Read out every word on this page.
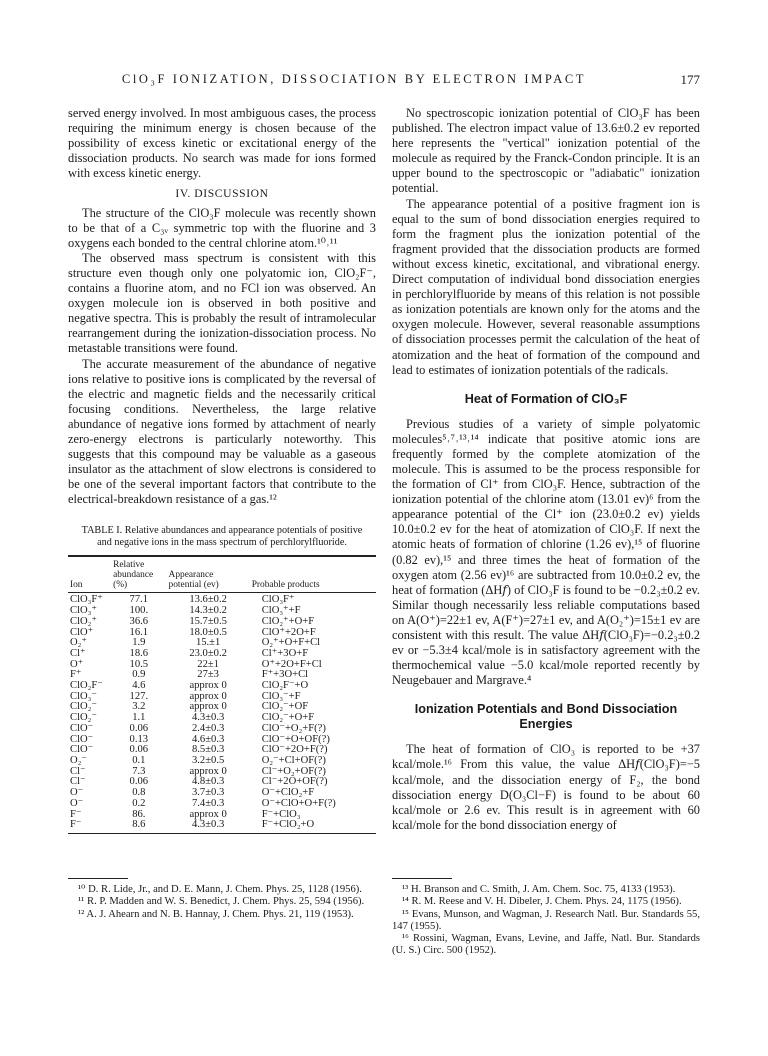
ClO₃F IONIZATION, DISSOCIATION BY ELECTRON IMPACT	177

served energy involved. In most ambiguous cases, the process requiring the minimum energy is chosen because of the possibility of excess kinetic or excitational energy of the dissociation products. No search was made for ions formed with excess kinetic energy.

IV. DISCUSSION

The structure of the ClO₃F molecule was recently shown to be that of a C₃ᵥ symmetric top with the fluorine and 3 oxygens each bonded to the central chlorine atom.¹⁰˒¹¹

The observed mass spectrum is consistent with this structure even though only one polyatomic ion, ClO₂F⁻, contains a fluorine atom, and no FCl ion was observed. An oxygen molecule ion is observed in both positive and negative spectra. This is probably the result of intramolecular rearrangement during the ionization-dissociation process. No metastable transitions were found.

The accurate measurement of the abundance of negative ions relative to positive ions is complicated by the reversal of the electric and magnetic fields and the necessarily critical focusing conditions. Nevertheless, the large relative abundance of negative ions formed by attachment of nearly zero-energy electrons is particularly noteworthy. This suggests that this compound may be valuable as a gaseous insulator as the attachment of slow electrons is considered to be one of the several important factors that contribute to the electrical-breakdown resistance of a gas.¹²

TABLE I. Relative abundances and appearance potentials of positive and negative ions in the mass spectrum of perchlorylfluoride.
Ion	Relative abundance (%)	Appearance potential (ev)	Probable products
ClO₃F⁺	77.1	13.6±0.2	ClO₃F⁺
ClO₃⁺	100.	14.3±0.2	ClO₃⁺+F
ClO₂⁺	36.6	15.7±0.5	ClO₂⁺+O+F
ClO⁺	16.1	18.0±0.5	ClO⁺+2O+F
O₂⁺	1.9	15.±1	O₂⁺+O+F+Cl
Cl⁺	18.6	23.0±0.2	Cl⁺+3O+F
O⁺	10.5	22±1	O⁺+2O+F+Cl
F⁺	0.9	27±3	F⁺+3O+Cl
ClO₂F⁻	4.6	approx 0	ClO₂F⁻+O
ClO₃⁻	127.	approx 0	ClO₃⁻+F
ClO₂⁻	3.2	approx 0	ClO₂⁻+OF
ClO₂⁻	1.1	4.3±0.3	ClO₂⁻+O+F
ClO⁻	0.06	2.4±0.3	ClO⁻+O₂+F(?)
ClO⁻	0.13	4.6±0.3	ClO⁻+O+OF(?)
ClO⁻	0.06	8.5±0.3	ClO⁻+2O+F(?)
O₂⁻	0.1	3.2±0.5	O₂⁻+Cl+OF(?)
Cl⁻	7.3	approx 0	Cl⁻+O₂+OF(?)
Cl⁻	0.06	4.8±0.3	Cl⁻+2O+OF(?)
O⁻	0.8	3.7±0.3	O⁻+ClO₂+F
O⁻	0.2	7.4±0.3	O⁻+ClO+O+F(?)
F⁻	86.	approx 0	F⁻+ClO₃
F⁻	8.6	4.3±0.3	F⁻+ClO₂+O

No spectroscopic ionization potential of ClO₃F has been published. The electron impact value of 13.6±0.2 ev reported here represents the "vertical" ionization potential of the molecule as required by the Franck-Condon principle. It is an upper bound to the spectroscopic or "adiabatic" ionization potential.

The appearance potential of a positive fragment ion is equal to the sum of bond dissociation energies required to form the fragment plus the ionization potential of the fragment provided that the dissociation products are formed without excess kinetic, excitational, and vibrational energy. Direct computation of individual bond dissociation energies in perchlorylfluoride by means of this relation is not possible as ionization potentials are known only for the atoms and the oxygen molecule. However, several reasonable assumptions of dissociation processes permit the calculation of the heat of atomization and the heat of formation of the compound and lead to estimates of ionization potentials of the radicals.

Heat of Formation of ClO₃F

Previous studies of a variety of simple polyatomic molecules⁵˒⁷˒¹³˒¹⁴ indicate that positive atomic ions are frequently formed by the complete atomization of the molecule. This is assumed to be the process responsible for the formation of Cl⁺ from ClO₃F. Hence, subtraction of the ionization potential of the chlorine atom (13.01 ev)⁶ from the appearance potential of the Cl⁺ ion (23.0±0.2 ev) yields 10.0±0.2 ev for the heat of atomization of ClO₃F. If next the atomic heats of formation of chlorine (1.26 ev),¹⁵ of fluorine (0.82 ev),¹⁵ and three times the heat of formation of the oxygen atom (2.56 ev)¹⁶ are subtracted from 10.0±0.2 ev, the heat of formation (ΔH𝑓) of ClO₃F is found to be −0.2₃±0.2 ev. Similar though necessarily less reliable computations based on A(O⁺)=22±1 ev, A(F⁺)=27±1 ev, and A(O₂⁺)=15±1 ev are consistent with this result. The value ΔH𝑓(ClO₃F)=−0.2₃±0.2 ev or −5.3±4 kcal/mole is in satisfactory agreement with the thermochemical value −5.0 kcal/mole reported recently by Neugebauer and Margrave.⁴

Ionization Potentials and Bond Dissociation Energies

The heat of formation of ClO₃ is reported to be +37 kcal/mole.¹⁶ From this value, the value ΔH𝑓(ClO₃F)=−5 kcal/mole, and the dissociation energy of F₂, the bond dissociation energy D(O₃Cl−F) is found to be about 60 kcal/mole or 2.6 ev. This result is in agreement with 60 kcal/mole for the bond dissociation energy of

¹⁰ D. R. Lide, Jr., and D. E. Mann, J. Chem. Phys. 25, 1128 (1956).

¹¹ R. P. Madden and W. S. Benedict, J. Chem. Phys. 25, 594 (1956).

¹² A. J. Ahearn and N. B. Hannay, J. Chem. Phys. 21, 119 (1953).

¹³ H. Branson and C. Smith, J. Am. Chem. Soc. 75, 4133 (1953).

¹⁴ R. M. Reese and V. H. Dibeler, J. Chem. Phys. 24, 1175 (1956).

¹⁵ Evans, Munson, and Wagman, J. Research Natl. Bur. Standards 55, 147 (1955).

¹⁶ Rossini, Wagman, Evans, Levine, and Jaffe, Natl. Bur. Standards (U. S.) Circ. 500 (1952).
